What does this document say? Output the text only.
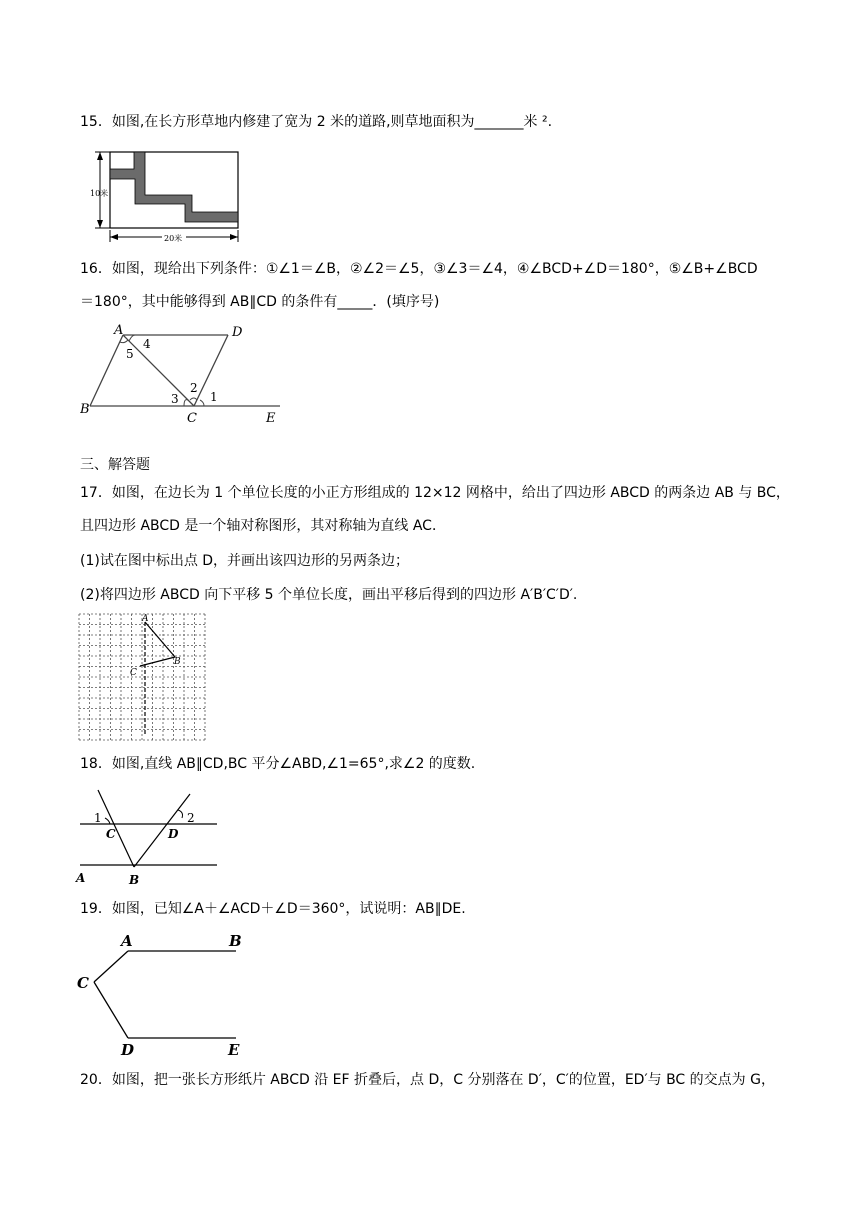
15．如图,在长方形草地内修建了宽为 2 米的道路,则草地面积为_______米 ².
10米
20米
16．如图，现给出下列条件：①∠1＝∠B，②∠2＝∠5，③∠3＝∠4，④∠BCD+∠D＝180°，⑤∠B+∠BCD
＝180°，其中能够得到 AB∥CD 的条件有_____．(填序号)
A	D
B
C	E
4
5
2
3	1
三、解答题
17．如图，在边长为 1 个单位长度的小正方形组成的 12×12 网格中，给出了四边形 ABCD 的两条边 AB 与 BC，
且四边形 ABCD 是一个轴对称图形，其对称轴为直线 AC．
(1)试在图中标出点 D，并画出该四边形的另两条边；
(2)将四边形 ABCD 向下平移 5 个单位长度，画出平移后得到的四边形 A′B′C′D′.
A
B
C
18．如图,直线 AB∥CD,BC 平分∠ABD,∠1=65°,求∠2 的度数.
1	2
C	D
A	B
19．如图，已知∠A＋∠ACD＋∠D＝360°，试说明：AB∥DE.
A	B
C
D	E
20．如图，把一张长方形纸片 ABCD 沿 EF 折叠后，点 D，C 分别落在 D′，C′的位置，ED′与 BC 的交点为 G，
